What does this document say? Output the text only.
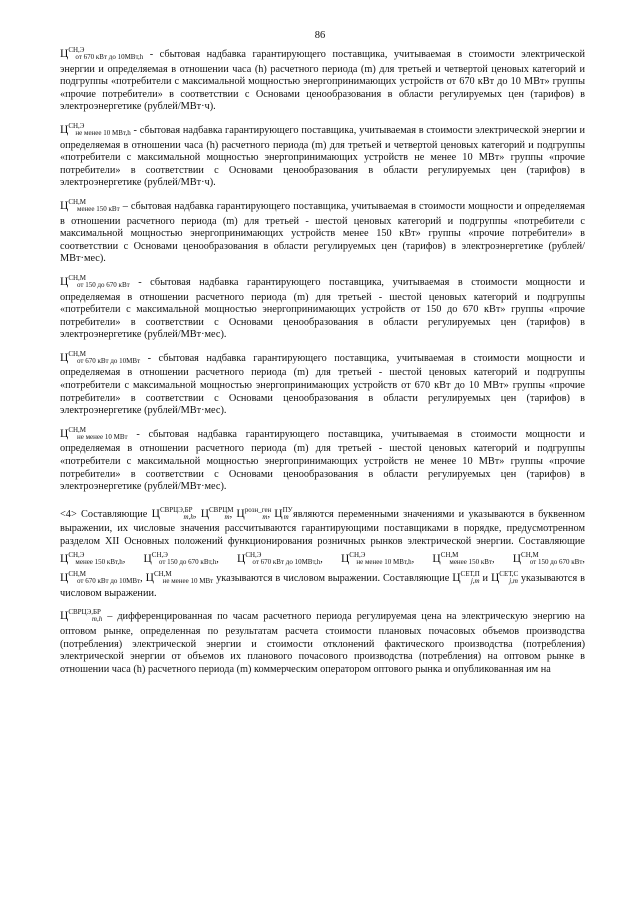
86

$Ц^{СН,Э}_{от 670 кВт до 10МВт,h}$ - сбытовая надбавка гарантирующего поставщика, учитываемая в стоимости электрической энергии и определяемая в отношении часа (h) расчетного периода (m) для третьей и четвертой ценовых категорий и подгруппы «потребители с максимальной мощностью энергопринимающих устройств от 670 кВт до 10 МВт» группы «прочие потребители» в соответствии с Основами ценообразования в области регулируемых цен (тарифов) в электроэнергетике (рублей/МВт·ч).

$Ц^{СН,Э}_{не менее 10 МВт,h}$ - сбытовая надбавка гарантирующего поставщика, учитываемая в стоимости электрической энергии и определяемая в отношении часа (h) расчетного периода (m) для третьей и четвертой ценовых категорий и подгруппы «потребители с максимальной мощностью энергопринимающих устройств не менее 10 МВт» группы «прочие потребители» в соответствии с Основами ценообразования в области регулируемых цен (тарифов) в электроэнергетике (рублей/МВт·ч).

$Ц^{СН,М}_{менее 150 кВт}$ – сбытовая надбавка гарантирующего поставщика, учитываемая в стоимости мощности и определяемая в отношении расчетного периода (m) для третьей - шестой ценовых категорий и подгруппы «потребители с максимальной мощностью энергопринимающих устройств менее 150 кВт» группы «прочие потребители» в соответствии с Основами ценообразования в области регулируемых цен (тарифов) в электроэнергетике (рублей/МВт·мес).

$Ц^{СН,М}_{от 150 до 670 кВт}$ - сбытовая надбавка гарантирующего поставщика, учитываемая в стоимости мощности и определяемая в отношении расчетного периода (m) для третьей - шестой ценовых категорий и подгруппы «потребители с максимальной мощностью энергопринимающих устройств от 150 до 670 кВт» группы «прочие потребители» в соответствии с Основами ценообразования в области регулируемых цен (тарифов) в электроэнергетике (рублей/МВт·мес).

$Ц^{СН,М}_{от 670 кВт до 10МВт}$ - сбытовая надбавка гарантирующего поставщика, учитываемая в стоимости мощности и определяемая в отношении расчетного периода (m) для третьей - шестой ценовых категорий и подгруппы «потребители с максимальной мощностью энергопринимающих устройств от 670 кВт до 10 МВт» группы «прочие потребители» в соответствии с Основами ценообразования в области регулируемых цен (тарифов) в электроэнергетике (рублей/МВт·мес).

$Ц^{СН,М}_{не менее 10 МВт}$ - сбытовая надбавка гарантирующего поставщика, учитываемая в стоимости мощности и определяемая в отношении расчетного периода (m) для третьей - шестой ценовых категорий и подгруппы «потребители с максимальной мощностью энергопринимающих устройств не менее 10 МВт» группы «прочие потребители» в соответствии с Основами ценообразования в области регулируемых цен (тарифов) в электроэнергетике (рублей/МВт·мес).

<4> Составляющие $Ц^{СВРЦЭ,БР}_{m,h}$, $Ц^{СВРЦМ}_m$, $Ц^{розн\_ген}_m$, $Ц^{ПУ}_m$ являются переменными значениями и указываются в буквенном выражении, их числовые значения рассчитываются гарантирующими поставщиками в порядке, предусмотренном разделом XII Основных положений функционирования розничных рынков электрической энергии. Составляющие $Ц^{СН,Э}_{менее 150 кВт,h}$, $Ц^{СН,Э}_{от 150 до 670 кВт,h}$, $Ц^{СН,Э}_{от 670 кВт до 10МВт,h}$, $Ц^{СН,Э}_{не менее 10 МВт,h}$, $Ц^{СН,М}_{менее 150 кВт}$, $Ц^{СН,М}_{от 150 до 670 кВт}$, $Ц^{СН,М}_{от 670 кВт до 10МВт}$, $Ц^{СН,М}_{не менее 10 МВт}$ указываются в числовом выражении. Составляющие $Ц^{СЕТ,П}_{j,m}$ и $Ц^{СЕТ,С}_{j,m}$ указываются в числовом выражении.

$Ц^{СВРЦЭ,БР}_{m,h}$ – дифференцированная по часам расчетного периода регулируемая цена на электрическую энергию на оптовом рынке, определенная по результатам расчета стоимости плановых почасовых объемов производства (потребления) электрической энергии и стоимости отклонений фактического производства (потребления) электрической энергии от объемов их планового почасового производства (потребления) на оптовом рынке в отношении часа (h) расчетного периода (m) коммерческим оператором оптового рынка и опубликованная им на
